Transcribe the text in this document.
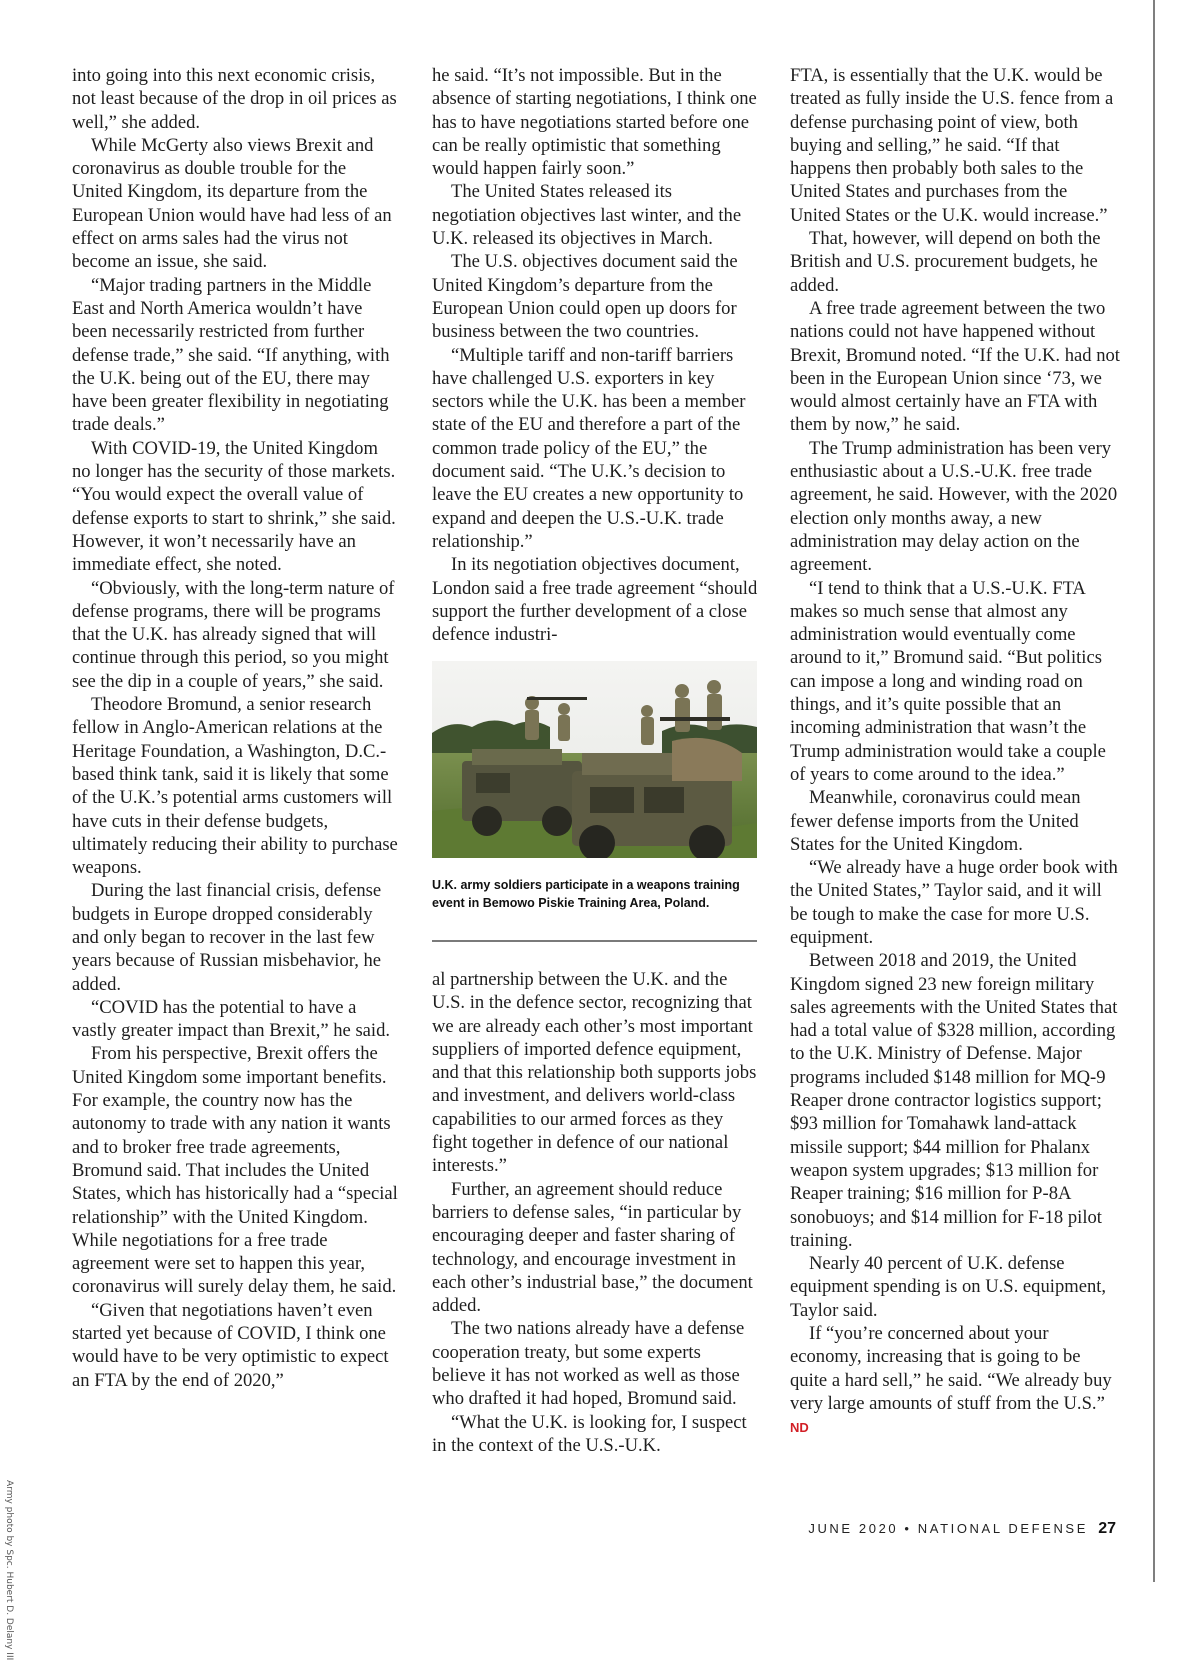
into going into this next economic crisis, not least because of the drop in oil prices as well,” she added.

While McGerty also views Brexit and coronavirus as double trouble for the United Kingdom, its departure from the European Union would have had less of an effect on arms sales had the virus not become an issue, she said.

“Major trading partners in the Middle East and North America wouldn’t have been necessarily restricted from further defense trade,” she said. “If anything, with the U.K. being out of the EU, there may have been greater flexibility in negotiating trade deals.”

With COVID-19, the United Kingdom no longer has the security of those markets. “You would expect the overall value of defense exports to start to shrink,” she said. However, it won’t necessarily have an immediate effect, she noted.

“Obviously, with the long-term nature of defense programs, there will be programs that the U.K. has already signed that will continue through this period, so you might see the dip in a couple of years,” she said.

Theodore Bromund, a senior research fellow in Anglo-American relations at the Heritage Foundation, a Washington, D.C.-based think tank, said it is likely that some of the U.K.’s potential arms customers will have cuts in their defense budgets, ultimately reducing their ability to purchase weapons.

During the last financial crisis, defense budgets in Europe dropped considerably and only began to recover in the last few years because of Russian misbehavior, he added.

“COVID has the potential to have a vastly greater impact than Brexit,” he said.

From his perspective, Brexit offers the United Kingdom some important benefits. For example, the country now has the autonomy to trade with any nation it wants and to broker free trade agreements, Bromund said. That includes the United States, which has historically had a “special relationship” with the United Kingdom. While negotiations for a free trade agreement were set to happen this year, coronavirus will surely delay them, he said.

“Given that negotiations haven’t even started yet because of COVID, I think one would have to be very optimistic to expect an FTA by the end of 2020,”

he said. “It’s not impossible. But in the absence of starting negotiations, I think one has to have negotiations started before one can be really optimistic that something would happen fairly soon.”

The United States released its negotiation objectives last winter, and the U.K. released its objectives in March.

The U.S. objectives document said the United Kingdom’s departure from the European Union could open up doors for business between the two countries.

“Multiple tariff and non-tariff barriers have challenged U.S. exporters in key sectors while the U.K. has been a member state of the EU and therefore a part of the common trade policy of the EU,” the document said. “The U.K.’s decision to leave the EU creates a new opportunity to expand and deepen the U.S.-U.K. trade relationship.”

In its negotiation objectives document, London said a free trade agreement “should support the further development of a close defence industri-

U.K. army soldiers participate in a weapons training event in Bemowo Piskie Training Area, Poland.
Army photo by Spc. Hubert D. Delany III

al partnership between the U.K. and the U.S. in the defence sector, recognizing that we are already each other’s most important suppliers of imported defence equipment, and that this relationship both supports jobs and investment, and delivers world-class capabilities to our armed forces as they fight together in defence of our national interests.”

Further, an agreement should reduce barriers to defense sales, “in particular by encouraging deeper and faster sharing of technology, and encourage investment in each other’s industrial base,” the document added.

The two nations already have a defense cooperation treaty, but some experts believe it has not worked as well as those who drafted it had hoped, Bromund said.

“What the U.K. is looking for, I suspect in the context of the U.S.-U.K.

FTA, is essentially that the U.K. would be treated as fully inside the U.S. fence from a defense purchasing point of view, both buying and selling,” he said. “If that happens then probably both sales to the United States and purchases from the United States or the U.K. would increase.”

That, however, will depend on both the British and U.S. procurement budgets, he added.

A free trade agreement between the two nations could not have happened without Brexit, Bromund noted. “If the U.K. had not been in the European Union since ‘73, we would almost certainly have an FTA with them by now,” he said.

The Trump administration has been very enthusiastic about a U.S.-U.K. free trade agreement, he said. However, with the 2020 election only months away, a new administration may delay action on the agreement.

“I tend to think that a U.S.-U.K. FTA makes so much sense that almost any administration would eventually come around to it,” Bromund said. “But politics can impose a long and winding road on things, and it’s quite possible that an incoming administration that wasn’t the Trump administration would take a couple of years to come around to the idea.”

Meanwhile, coronavirus could mean fewer defense imports from the United States for the United Kingdom.

“We already have a huge order book with the United States,” Taylor said, and it will be tough to make the case for more U.S. equipment.

Between 2018 and 2019, the United Kingdom signed 23 new foreign military sales agreements with the United States that had a total value of $328 million, according to the U.K. Ministry of Defense. Major programs included $148 million for MQ-9 Reaper drone contractor logistics support; $93 million for Tomahawk land-attack missile support; $44 million for Phalanx weapon system upgrades; $13 million for Reaper training; $16 million for P-8A sonobuoys; and $14 million for F-18 pilot training.

Nearly 40 percent of U.K. defense equipment spending is on U.S. equipment, Taylor said.

If “you’re concerned about your economy, increasing that is going to be quite a hard sell,” he said. “We already buy very large amounts of stuff from the U.S.” ND

JUNE 2020 • NATIONAL DEFENSE 27
